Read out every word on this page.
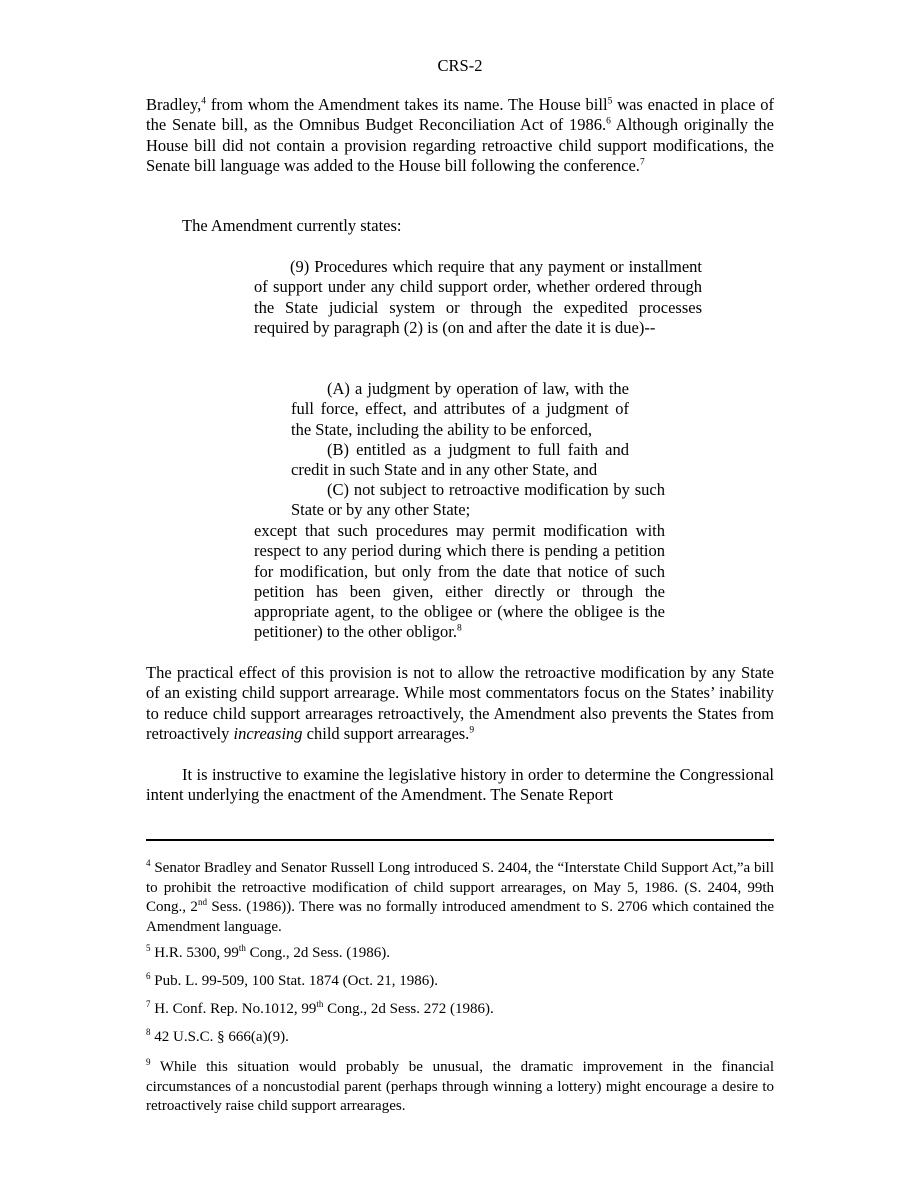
CRS-2

Bradley,$^4$ from whom the Amendment takes its name. The House bill$^5$ was enacted in place of the Senate bill, as the Omnibus Budget Reconciliation Act of 1986.$^6$ Although originally the House bill did not contain a provision regarding retroactive child support modifications, the Senate bill language was added to the House bill following the conference.$^7$

The Amendment currently states:

(9) Procedures which require that any payment or installment of support under any child support order, whether ordered through the State judicial system or through the expedited processes required by paragraph (2) is (on and after the date it is due)--
(A) a judgment by operation of law, with the full force, effect, and attributes of a judgment of the State, including the ability to be enforced,
(B) entitled as a judgment to full faith and credit in such State and in any other State, and
(C) not subject to retroactive modification by such State or by any other State;
except that such procedures may permit modification with respect to any period during which there is pending a petition for modification, but only from the date that notice of such petition has been given, either directly or through the appropriate agent, to the obligee or (where the obligee is the petitioner) to the other obligor.$^8$

The practical effect of this provision is not to allow the retroactive modification by any State of an existing child support arrearage. While most commentators focus on the States’ inability to reduce child support arrearages retroactively, the Amendment also prevents the States from retroactively increasing child support arrearages.$^9$

It is instructive to examine the legislative history in order to determine the Congressional intent underlying the enactment of the Amendment. The Senate Report

$^4$ Senator Bradley and Senator Russell Long introduced S. 2404, the “Interstate Child Support Act,”a bill to prohibit the retroactive modification of child support arrearages, on May 5, 1986. (S. 2404, 99th Cong., 2nd Sess. (1986)). There was no formally introduced amendment to S. 2706 which contained the Amendment language.
$^5$ H.R. 5300, 99th Cong., 2d Sess. (1986).
$^6$ Pub. L. 99-509, 100 Stat. 1874 (Oct. 21, 1986).
$^7$ H. Conf. Rep. No.1012, 99th Cong., 2d Sess. 272 (1986).
$^8$ 42 U.S.C. § 666(a)(9).
$^9$ While this situation would probably be unusual, the dramatic improvement in the financial circumstances of a noncustodial parent (perhaps through winning a lottery) might encourage a desire to retroactively raise child support arrearages.
